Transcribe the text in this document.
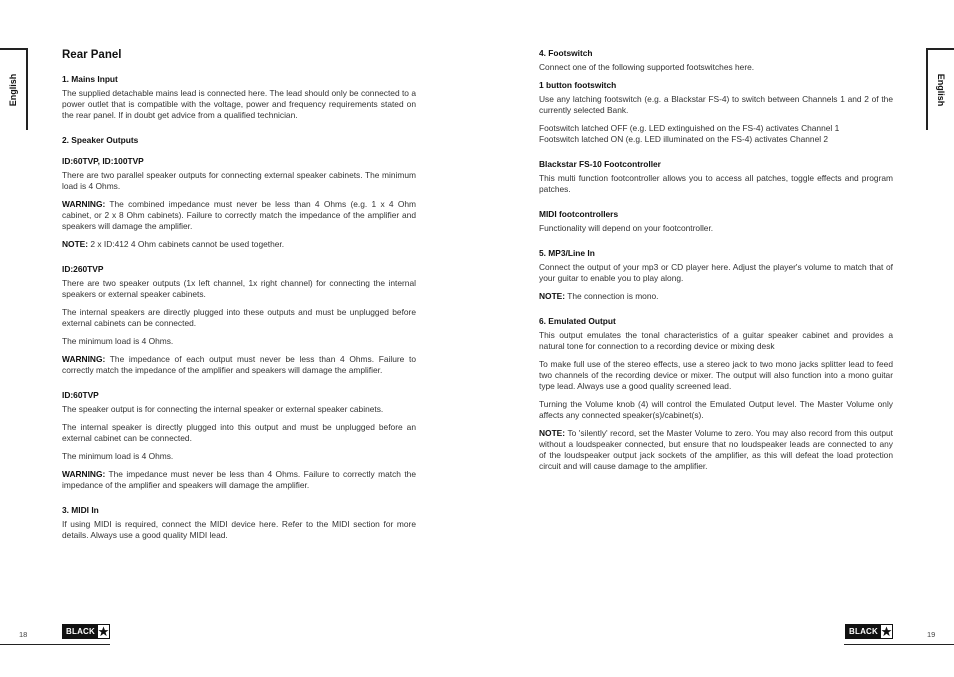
English	English
Rear Panel
1. Mains Input
The supplied detachable mains lead is connected here. The lead should only be connected to a power outlet that is compatible with the voltage, power and frequency requirements stated on the rear panel. If in doubt get advice from a qualified technician.
2. Speaker Outputs
ID:60TVP, ID:100TVP
There are two parallel speaker outputs for connecting external speaker cabinets. The minimum load is 4 Ohms.
WARNING: The combined impedance must never be less than 4 Ohms (e.g. 1 x 4 Ohm cabinet, or 2 x 8 Ohm cabinets). Failure to correctly match the impedance of the amplifier and speakers will damage the amplifier.
NOTE: 2 x ID:412 4 Ohm cabinets cannot be used together.
ID:260TVP
There are two speaker outputs (1x left channel, 1x right channel) for connecting the internal speakers or external speaker cabinets.
The internal speakers are directly plugged into these outputs and must be unplugged before external cabinets can be connected.
The minimum load is 4 Ohms.
WARNING: The impedance of each output must never be less than 4 Ohms. Failure to correctly match the impedance of the amplifier and speakers will damage the amplifier.
ID:60TVP
The speaker output is for connecting the internal speaker or external speaker cabinets.
The internal speaker is directly plugged into this output and must be unplugged before an external cabinet can be connected.
The minimum load is 4 Ohms.
WARNING: The impedance must never be less than 4 Ohms. Failure to correctly match the impedance of the amplifier and speakers will damage the amplifier.
3. MIDI In
If using MIDI is required, connect the MIDI device here. Refer to the MIDI section for more details. Always use a good quality MIDI lead.
4. Footswitch
Connect one of the following supported footswitches here.
1 button footswitch
Use any latching footswitch (e.g. a Blackstar FS-4) to switch between Channels 1 and 2 of the currently selected Bank.
Footswitch latched OFF (e.g. LED extinguished on the FS-4) activates Channel 1
Footswitch latched ON (e.g. LED illuminated on the FS-4) activates Channel 2
Blackstar FS-10 Footcontroller
This multi function footcontroller allows you to access all patches, toggle effects and program patches.
MIDI footcontrollers
Functionality will depend on your footcontroller.
5. MP3/Line In
Connect the output of your mp3 or CD player here. Adjust the player's volume to match that of your guitar to enable you to play along.
NOTE: The connection is mono.
6. Emulated Output
This output emulates the tonal characteristics of a guitar speaker cabinet and provides a natural tone for connection to a recording device or mixing desk
To make full use of the stereo effects, use a stereo jack to two mono jacks splitter lead to feed two channels of the recording device or mixer. The output will also function into a mono guitar type lead. Always use a good quality screened lead.
Turning the Volume knob (4) will control the Emulated Output level. The Master Volume only affects any connected speaker(s)/cabinet(s).
NOTE: To 'silently' record, set the Master Volume to zero. You may also record from this output without a loudspeaker connected, but ensure that no loudspeaker leads are connected to any of the loudspeaker output jack sockets of the amplifier, as this will defeat the load protection circuit and will cause damage to the amplifier.
18	19
BLACK	BLACK
